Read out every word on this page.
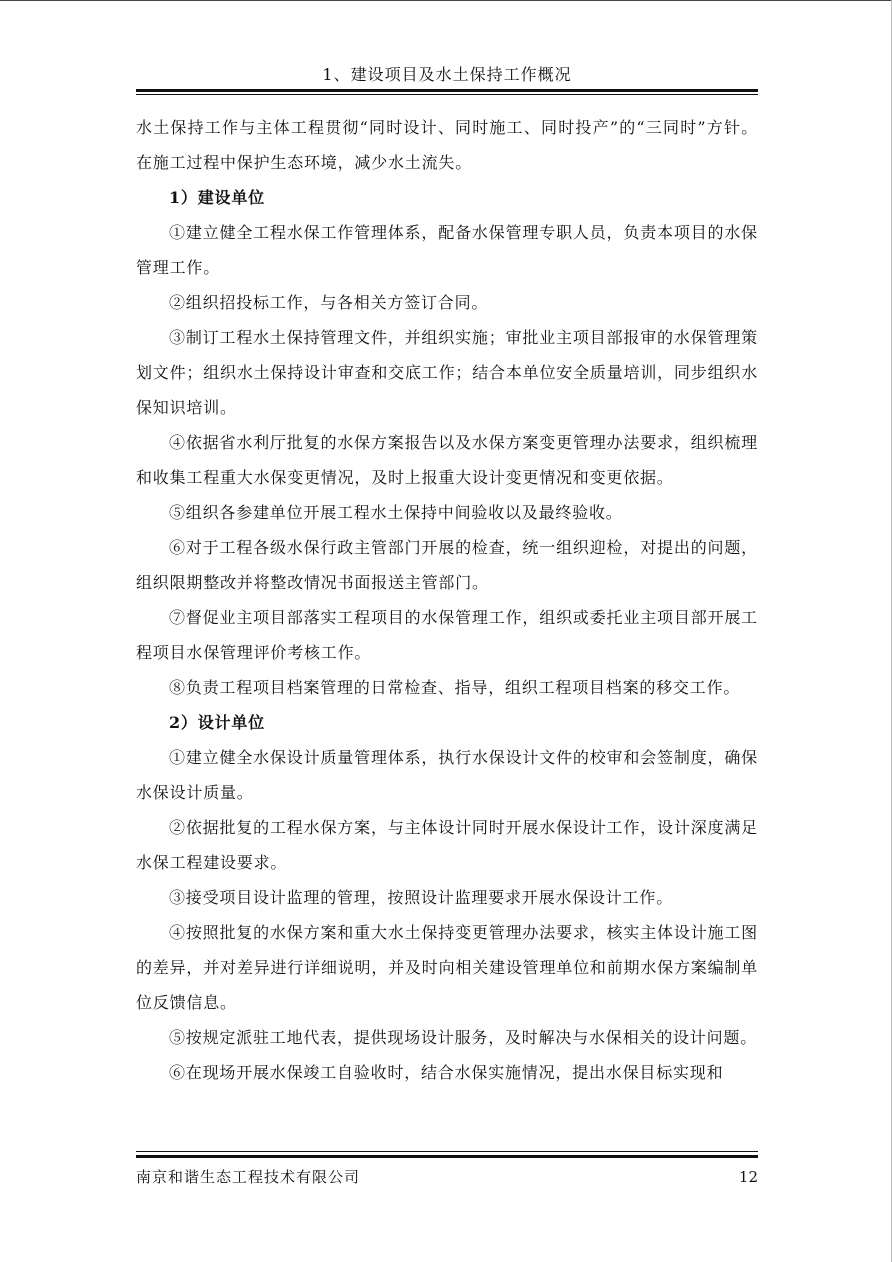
1、建设项目及水土保持工作概况

水土保持工作与主体工程贯彻“同时设计、同时施工、同时投产”的“三同时”方针。在施工过程中保护生态环境，减少水土流失。

1）建设单位

①建立健全工程水保工作管理体系，配备水保管理专职人员，负责本项目的水保管理工作。

②组织招投标工作，与各相关方签订合同。

③制订工程水土保持管理文件，并组织实施；审批业主项目部报审的水保管理策划文件；组织水土保持设计审查和交底工作；结合本单位安全质量培训，同步组织水保知识培训。

④依据省水利厅批复的水保方案报告以及水保方案变更管理办法要求，组织梳理和收集工程重大水保变更情况，及时上报重大设计变更情况和变更依据。

⑤组织各参建单位开展工程水土保持中间验收以及最终验收。

⑥对于工程各级水保行政主管部门开展的检查，统一组织迎检，对提出的问题，组织限期整改并将整改情况书面报送主管部门。

⑦督促业主项目部落实工程项目的水保管理工作，组织或委托业主项目部开展工程项目水保管理评价考核工作。

⑧负责工程项目档案管理的日常检查、指导，组织工程项目档案的移交工作。

2）设计单位

①建立健全水保设计质量管理体系，执行水保设计文件的校审和会签制度，确保水保设计质量。

②依据批复的工程水保方案，与主体设计同时开展水保设计工作，设计深度满足水保工程建设要求。

③接受项目设计监理的管理，按照设计监理要求开展水保设计工作。

④按照批复的水保方案和重大水土保持变更管理办法要求，核实主体设计施工图的差异，并对差异进行详细说明，并及时向相关建设管理单位和前期水保方案编制单位反馈信息。

⑤按规定派驻工地代表，提供现场设计服务，及时解决与水保相关的设计问题。

⑥在现场开展水保竣工自验收时，结合水保实施情况，提出水保目标实现和

南京和谐生态工程技术有限公司	12
